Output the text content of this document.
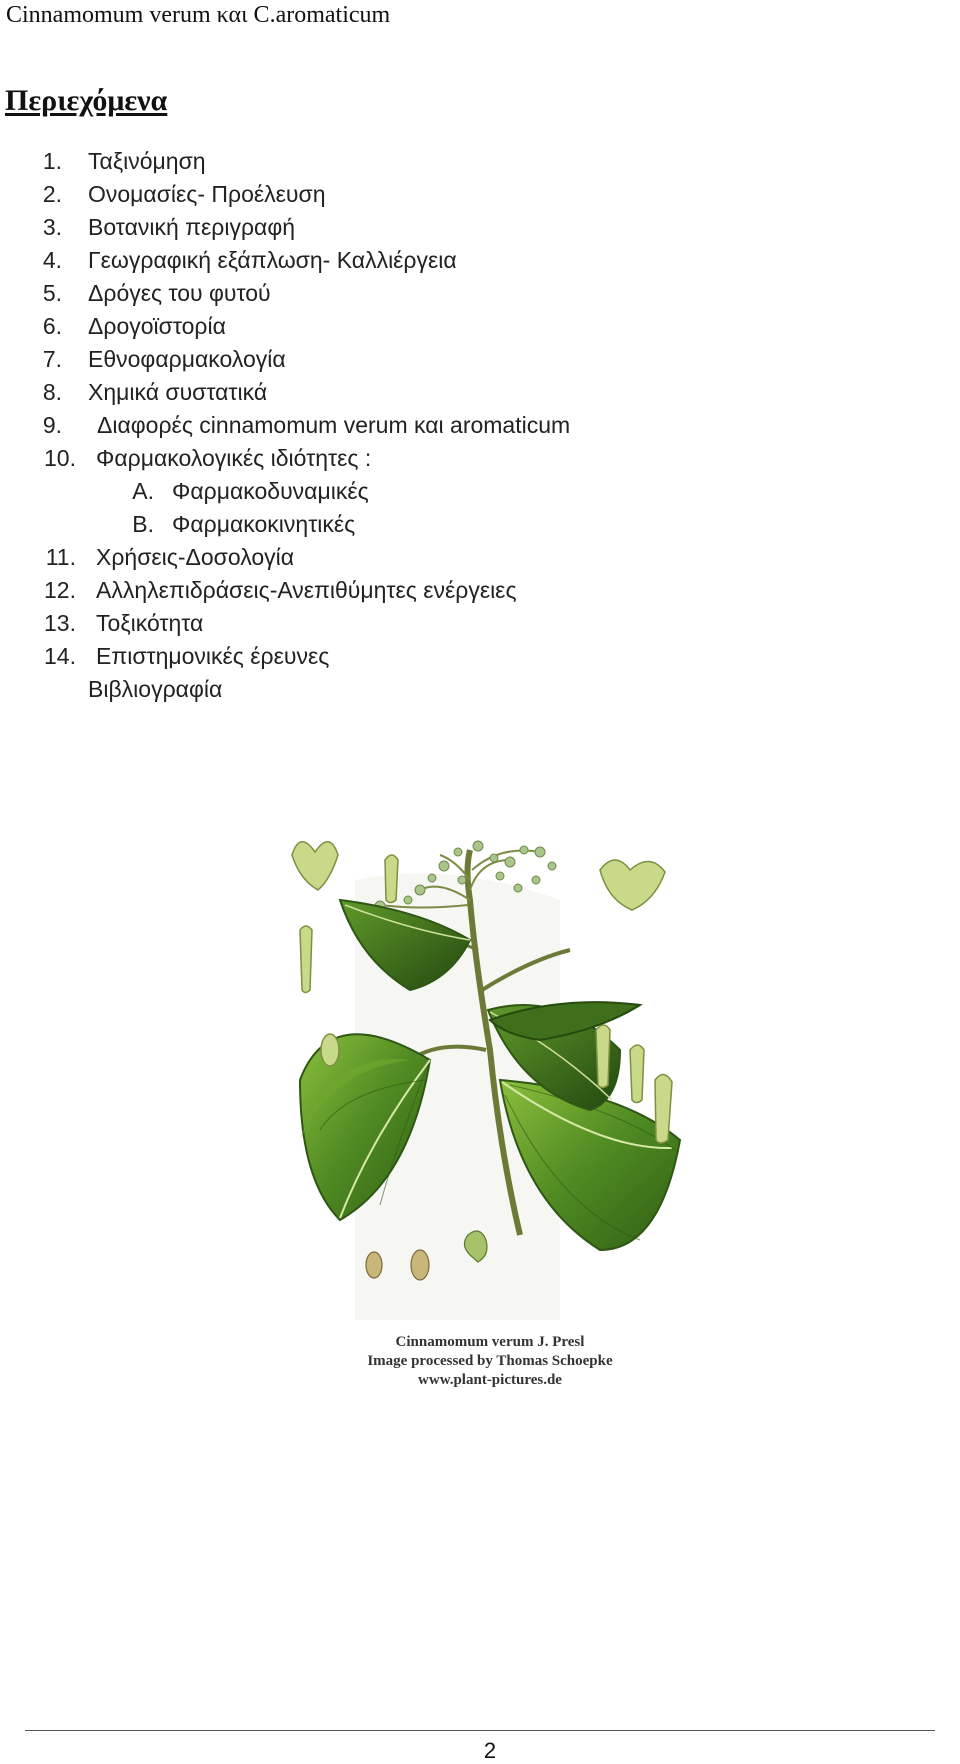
Cinnamomum verum και C.aromaticum
Περιεχόμενα
1. Ταξινόμηση
2. Ονομασίες- Προέλευση
3. Βοτανική περιγραφή
4. Γεωγραφική εξάπλωση- Καλλιέργεια
5. Δρόγες του φυτού
6. Δρογοϊστορία
7. Εθνοφαρμακολογία
8. Χημικά συστατικά
9. Διαφορές cinnamomum verum και aromaticum
10. Φαρμακολογικές ιδιότητες :
A. Φαρμακοδυναμικές
B. Φαρμακοκινητικές
11. Χρήσεις-Δοσολογία
12. Αλληλεπιδράσεις-Ανεπιθύμητες ενέργειες
13. Τοξικότητα
14. Επιστημονικές έρευνες
Βιβλιογραφία
Cinnamomum verum J. Presl
Image processed by Thomas Schoepke
www.plant-pictures.de
2
